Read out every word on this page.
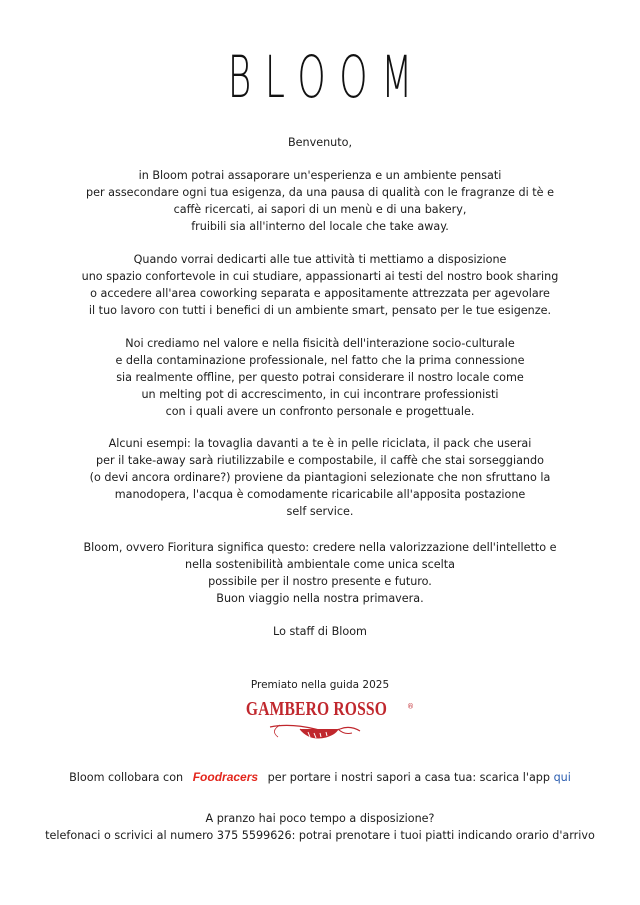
BLOOM
Benvenuto,
in Bloom potrai assaporare un'esperienza e un ambiente pensati
per assecondare ogni tua esigenza, da una pausa di qualità con le fragranze di tè e
caffè ricercati, ai sapori di un menù e di una bakery,
fruibili sia all'interno del locale che take away.
Quando vorrai dedicarti alle tue attività ti mettiamo a disposizione
uno spazio confortevole in cui studiare, appassionarti ai testi del nostro book sharing
o accedere all'area coworking separata e appositamente attrezzata per agevolare
il tuo lavoro con tutti i benefici di un ambiente smart, pensato per le tue esigenze.
Noi crediamo nel valore e nella fisicità dell'interazione socio-culturale
e della contaminazione professionale, nel fatto che la prima connessione
sia realmente offline, per questo potrai considerare il nostro locale come
un melting pot di accrescimento, in cui incontrare professionisti
con i quali avere un confronto personale e progettuale.
Alcuni esempi: la tovaglia davanti a te è in pelle riciclata, il pack che userai
per il take-away sarà riutilizzabile e compostabile, il caffè che stai sorseggiando
(o devi ancora ordinare?) proviene da piantagioni selezionate che non sfruttano la
manodopera, l'acqua è comodamente ricaricabile all'apposita postazione
self service.
Bloom, ovvero Fioritura significa questo: credere nella valorizzazione dell'intelletto e
nella sostenibilità ambientale come unica scelta
possibile per il nostro presente e futuro.
Buon viaggio nella nostra primavera.
Lo staff di Bloom
Premiato nella guida 2025
GAMBERO ROSSO	®
Bloom collobara con Foodracers per portare i nostri sapori a casa tua: scarica l'app qui
A pranzo hai poco tempo a disposizione?
telefonaci o scrivici al numero 375 5599626: potrai prenotare i tuoi piatti indicando orario d'arrivo
